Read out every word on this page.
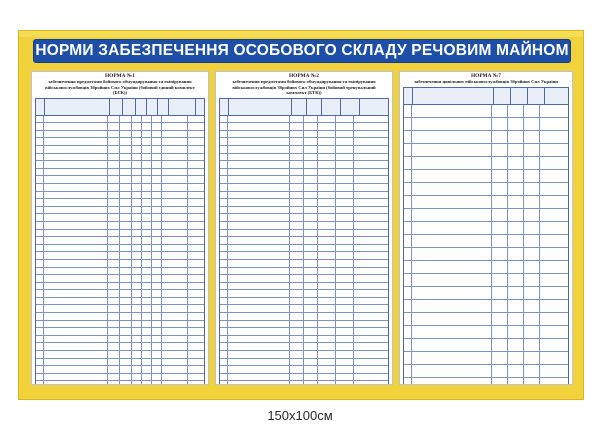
НОРМИ ЗАБЕЗПЕЧЕННЯ ОСОБОВОГО СКЛАДУ РЕЧОВИМ МАЙНОМ
НОРМА №1
забезпечення предметами бойового обмундирування та екіпірування військовослужбовців Збройних Сил України (бойовий єдиний комплект (БЄК))
НОРМА №2
забезпечення предметами бойового обмундирування та екіпірування військовослужбовців Збройних Сил України (бойовий тренувальний комплект (БТК))
НОРМА №7
забезпечення цивільних військовослужбовців Збройних Сил України
150х100см
